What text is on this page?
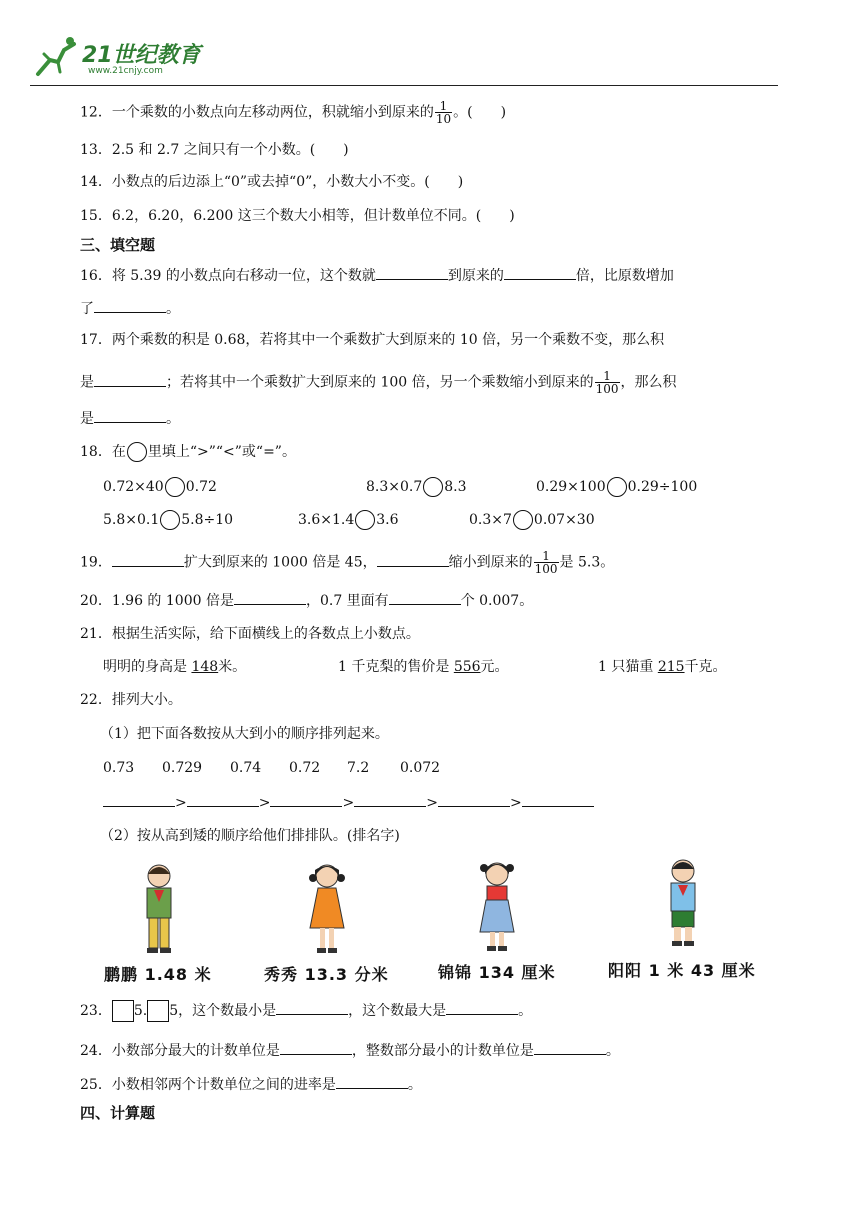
21世纪教育
www.21cnjy.com
12．一个乘数的小数点向左移动两位，积就缩小到原来的 $\frac{1}{10}$ 。(　　)
13．2.5 和 2.7 之间只有一个小数。(　　)
14．小数点的后边添上“0”或去掉“0”，小数大小不变。(　　)
15．6.2，6.20，6.200 这三个数大小相等，但计数单位不同。(　　)
三、填空题
16．将 5.39 的小数点向右移动一位，这个数就	到原来的	倍，比原数增加
了	。
17．两个乘数的积是 0.68，若将其中一个乘数扩大到原来的 10 倍，另一个乘数不变，那么积
是	；若将其中一个乘数扩大到原来的 100 倍，另一个乘数缩小到原来的 $\frac{1}{100}$ ，那么积
是	。
18．在 里填上“>”“<”或“=”。
0.72×40 0.72	8.3×0.7 8.3	0.29×100 0.29÷100
5.8×0.1 5.8÷10	3.6×1.4 3.6	0.3×7 0.07×30
19．	扩大到原来的 1000 倍是 45，	缩小到原来的 $\frac{1}{100}$ 是 5.3。
20．1.96 的 1000 倍是	，0.7 里面有	个 0.007。
21．根据生活实际，给下面横线上的各数点上小数点。
明明的身高是 148米。	1 千克梨的售价是 556元。	1 只猫重 215千克。
22．排列大小。
（1）把下面各数按从大到小的顺序排列起来。
0.73 0.729 0.74 0.72 7.2 0.072
>	>	>	>	>
（2）按从高到矮的顺序给他们排排队。(排名字)
鹏鹏 1.48 米	秀秀 13.3 分米	锦锦 134 厘米	阳阳 1 米 43 厘米
23． 5. 5，这个数最小是	，这个数最大是	。
24．小数部分最大的计数单位是	，整数部分最小的计数单位是	。
25．小数相邻两个计数单位之间的进率是	。
四、计算题
